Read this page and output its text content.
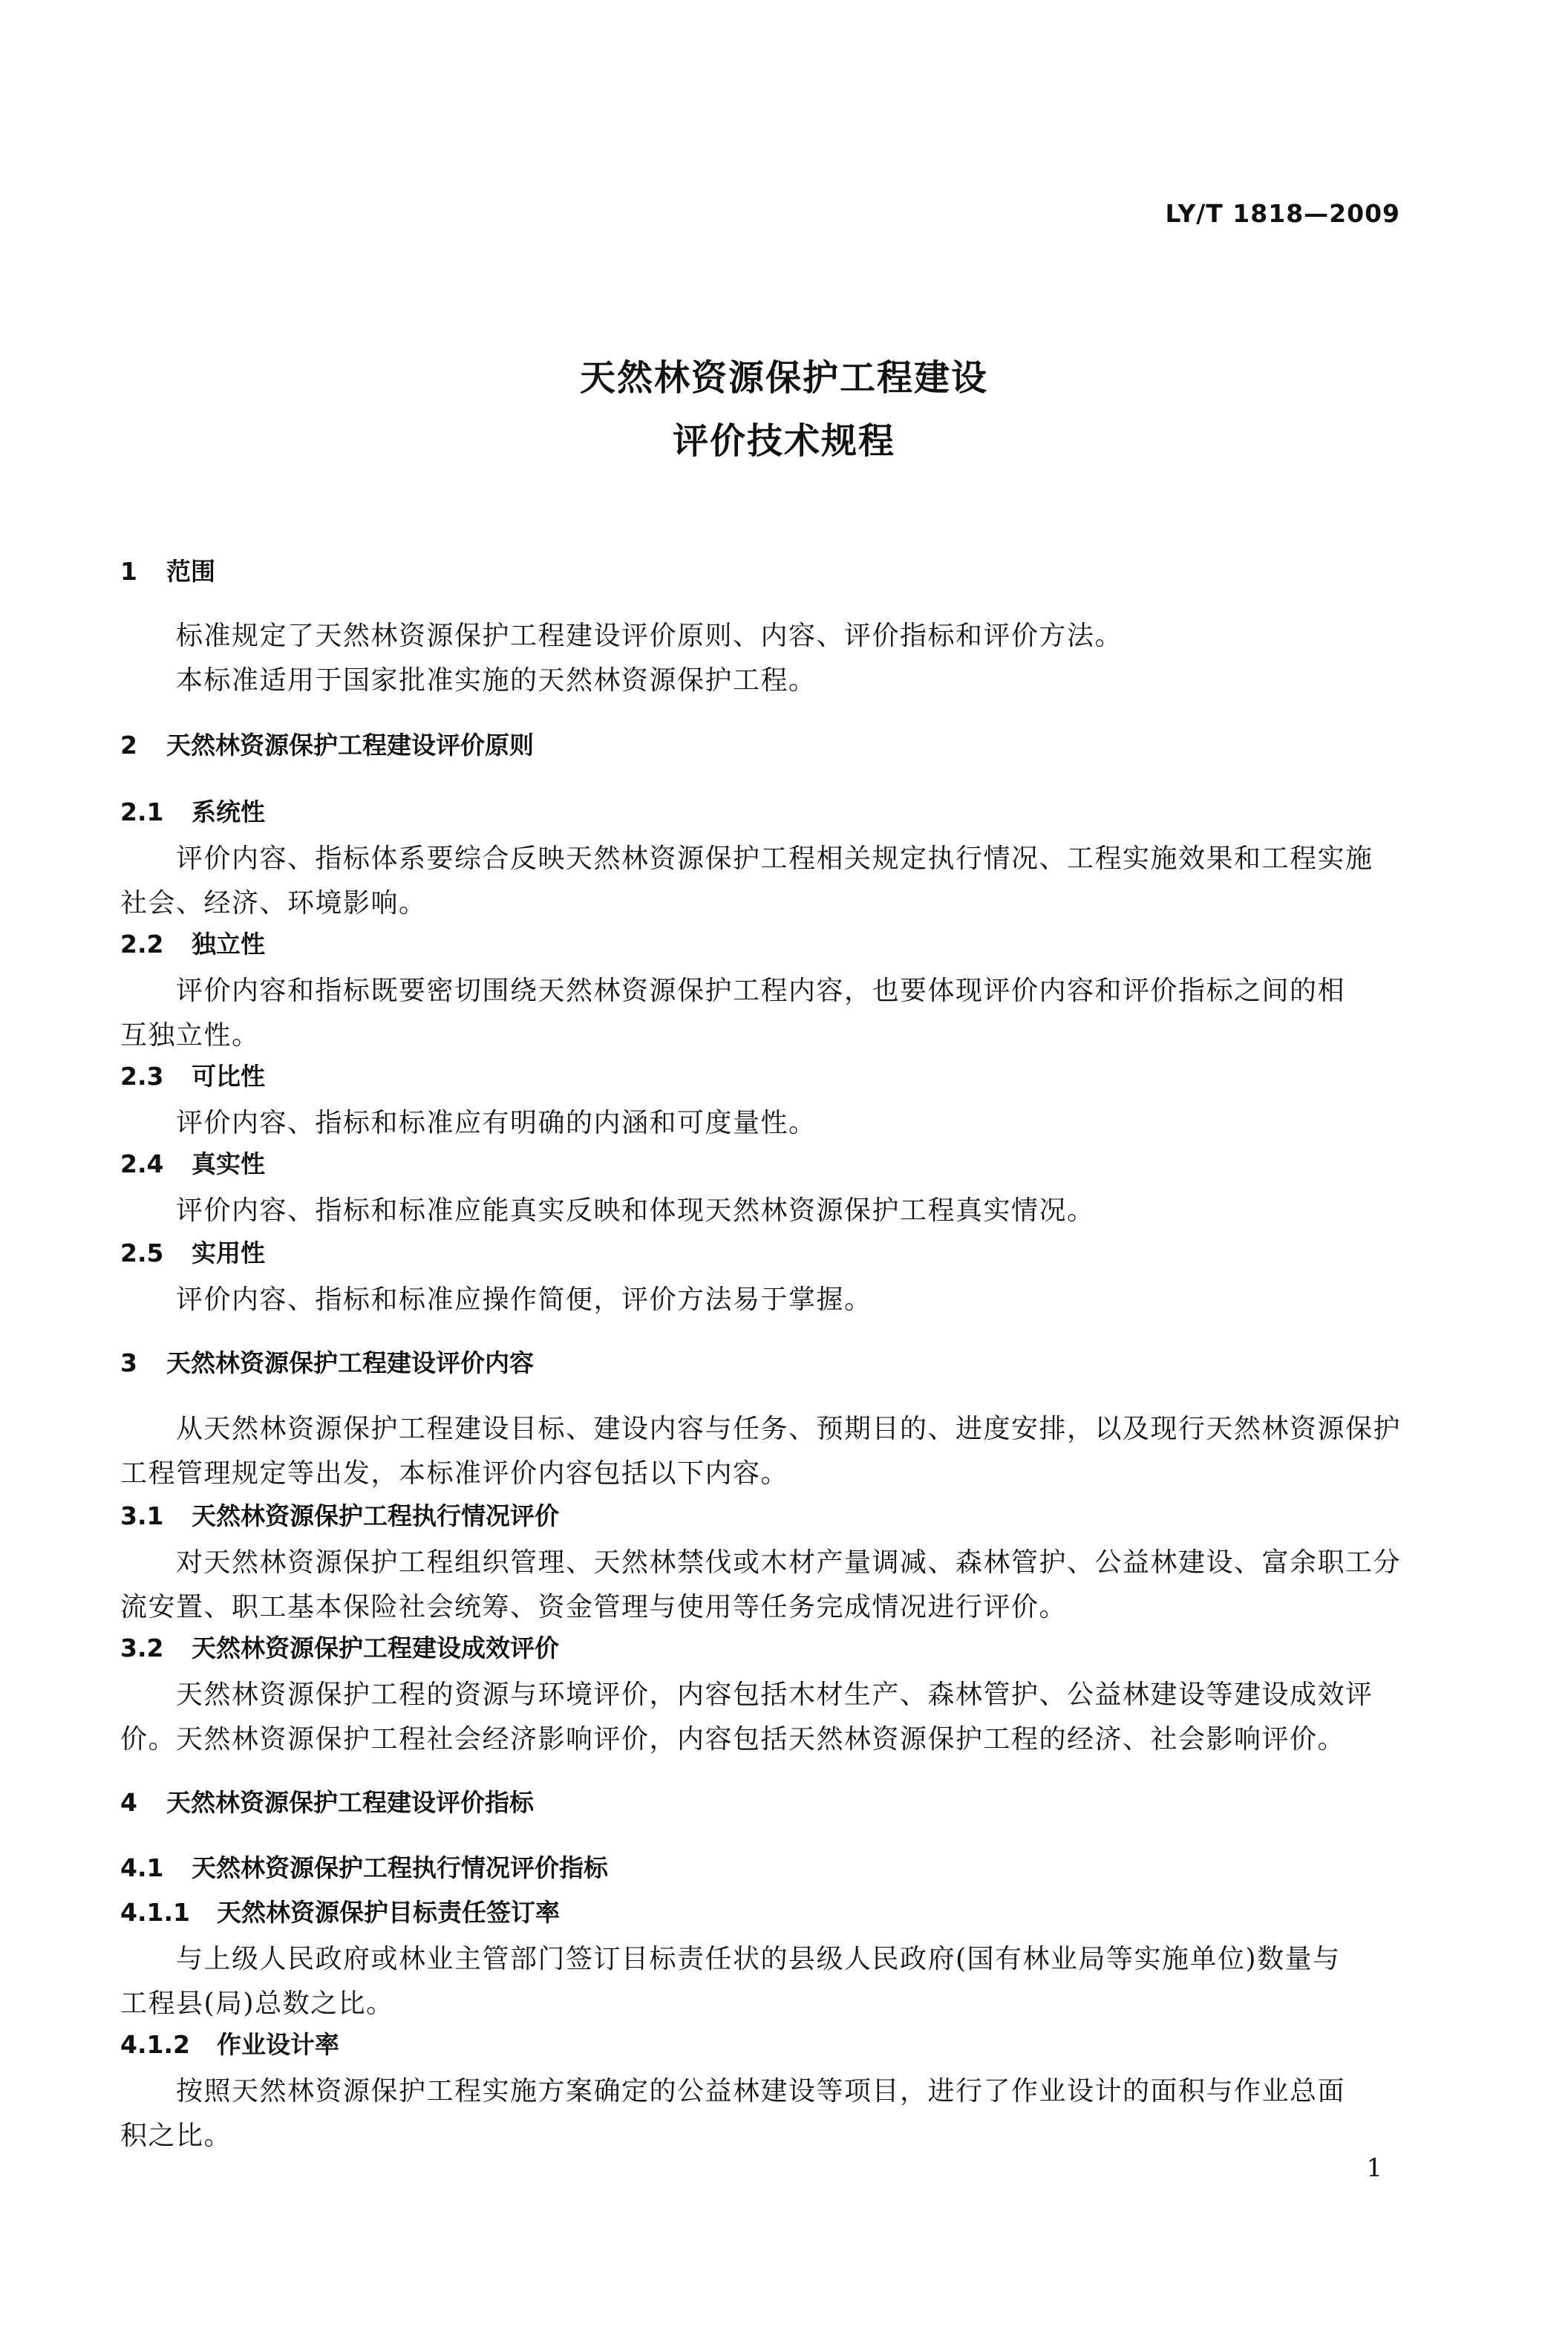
LY/T 1818—2009
天然林资源保护工程建设
评价技术规程
1 范围
标准规定了天然林资源保护工程建设评价原则、内容、评价指标和评价方法。
本标准适用于国家批准实施的天然林资源保护工程。
2 天然林资源保护工程建设评价原则
2.1 系统性
评价内容、指标体系要综合反映天然林资源保护工程相关规定执行情况、工程实施效果和工程实施
社会、经济、环境影响。
2.2 独立性
评价内容和指标既要密切围绕天然林资源保护工程内容，也要体现评价内容和评价指标之间的相
互独立性。
2.3 可比性
评价内容、指标和标准应有明确的内涵和可度量性。
2.4 真实性
评价内容、指标和标准应能真实反映和体现天然林资源保护工程真实情况。
2.5 实用性
评价内容、指标和标准应操作简便，评价方法易于掌握。
3 天然林资源保护工程建设评价内容
从天然林资源保护工程建设目标、建设内容与任务、预期目的、进度安排，以及现行天然林资源保护
工程管理规定等出发，本标准评价内容包括以下内容。
3.1 天然林资源保护工程执行情况评价
对天然林资源保护工程组织管理、天然林禁伐或木材产量调减、森林管护、公益林建设、富余职工分
流安置、职工基本保险社会统筹、资金管理与使用等任务完成情况进行评价。
3.2 天然林资源保护工程建设成效评价
天然林资源保护工程的资源与环境评价，内容包括木材生产、森林管护、公益林建设等建设成效评
价。天然林资源保护工程社会经济影响评价，内容包括天然林资源保护工程的经济、社会影响评价。
4 天然林资源保护工程建设评价指标
4.1 天然林资源保护工程执行情况评价指标
4.1.1 天然林资源保护目标责任签订率
与上级人民政府或林业主管部门签订目标责任状的县级人民政府(国有林业局等实施单位)数量与
工程县(局)总数之比。
4.1.2 作业设计率
按照天然林资源保护工程实施方案确定的公益林建设等项目，进行了作业设计的面积与作业总面
积之比。
1
